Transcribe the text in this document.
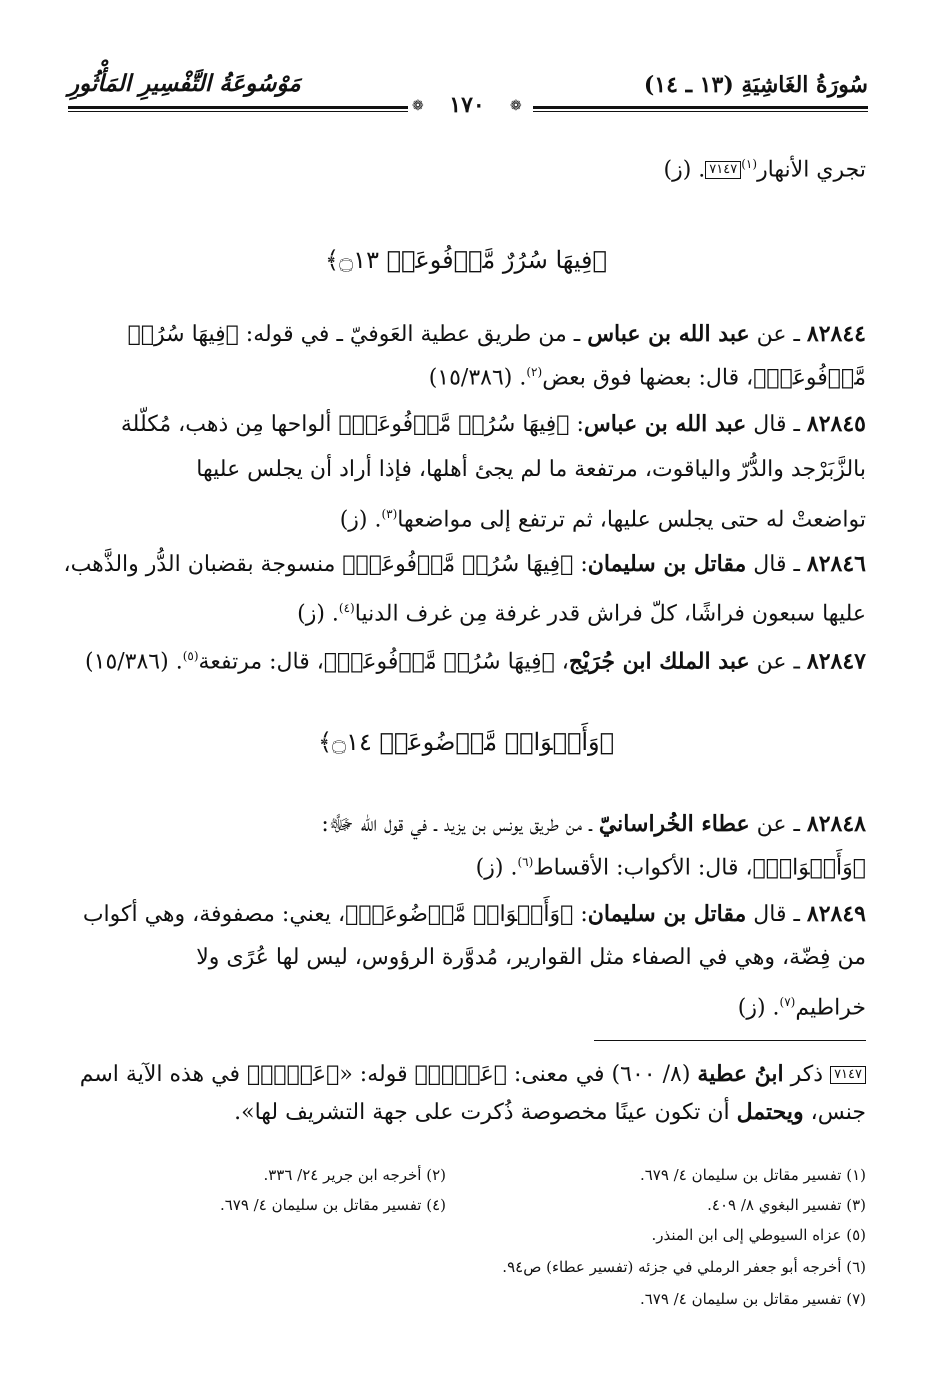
سُورَةُ الغَاشِيَةِ (١٣ ـ ١٤)
مَوْسُوعَةُ التَّفْسِيرِ المَأْثُورِ
❁	١٧٠	❁
تجري الأنهار$^{(١)}$٧١٤٧. (ز)
﴿فِيهَا سُرُرٌ مَّرۡفُوعَةٞ ۝١٣﴾
٨٢٨٤٤ ـ عن عبد الله بن عباس ـ من طريق عطية العَوفيّ ـ في قوله: ﴿فِيهَا سُرُرٞ
مَّرۡفُوعَةٞ﴾، قال: بعضها فوق بعض$^{(٢)}$. (١٥/٣٨٦)
٨٢٨٤٥ ـ قال عبد الله بن عباس: ﴿فِيهَا سُرُرٞ مَّرۡفُوعَةٞ﴾ ألواحها مِن ذهب، مُكلّلة
بالزَّبَرْجد والدُّرّ والياقوت، مرتفعة ما لم يجئ أهلها، فإذا أراد أن يجلس عليها
تواضعتْ له حتى يجلس عليها، ثم ترتفع إلى مواضعها$^{(٣)}$. (ز)
٨٢٨٤٦ ـ قال مقاتل بن سليمان: ﴿فِيهَا سُرُرٞ مَّرۡفُوعَةٞ﴾ منسوجة بقضبان الدُّر والذَّهب،
عليها سبعون فراشًا، كلّ فراش قدر غرفة مِن غرف الدنيا$^{(٤)}$. (ز)
٨٢٨٤٧ ـ عن عبد الملك ابن جُرَيْج، ﴿فِيهَا سُرُرٞ مَّرۡفُوعَةٞ﴾، قال: مرتفعة$^{(٥)}$. (١٥/٣٨٦)
﴿وَأَكۡوَابٞ مَّوۡضُوعَةٞ ۝١٤﴾
٨٢٨٤٨ ـ عن عطاء الخُراسانيّ ـ من طريق يونس بن يزيد ـ في قول الله ﷻ:
﴿وَأَكۡوَابٞ﴾، قال: الأكواب: الأقساط$^{(٦)}$. (ز)
٨٢٨٤٩ ـ قال مقاتل بن سليمان: ﴿وَأَكۡوَابٞ مَّوۡضُوعَةٞ﴾، يعني: مصفوفة، وهي أكواب
من فِضّة، وهي في الصفاء مثل القوارير، مُدوَّرة الرؤوس، ليس لها عُرًى ولا
خراطيم$^{(٧)}$. (ز)
٧١٤٧ ذكر ابنُ عطية (٨/ ٦٠٠) في معنى: ﴿عَيۡنٞ﴾ قوله: «﴿عَيۡنٞ﴾ في هذه الآية اسم
جنس، ويحتمل أن تكون عينًا مخصوصة ذُكرت على جهة التشريف لها».
(١) تفسير مقاتل بن سليمان ٤/ ٦٧٩.
(٢) أخرجه ابن جرير ٢٤/ ٣٣٦.
(٣) تفسير البغوي ٨/ ٤٠٩.
(٤) تفسير مقاتل بن سليمان ٤/ ٦٧٩.
(٥) عزاه السيوطي إلى ابن المنذر.
(٦) أخرجه أبو جعفر الرملي في جزئه (تفسير عطاء) ص٩٤.
(٧) تفسير مقاتل بن سليمان ٤/ ٦٧٩.
